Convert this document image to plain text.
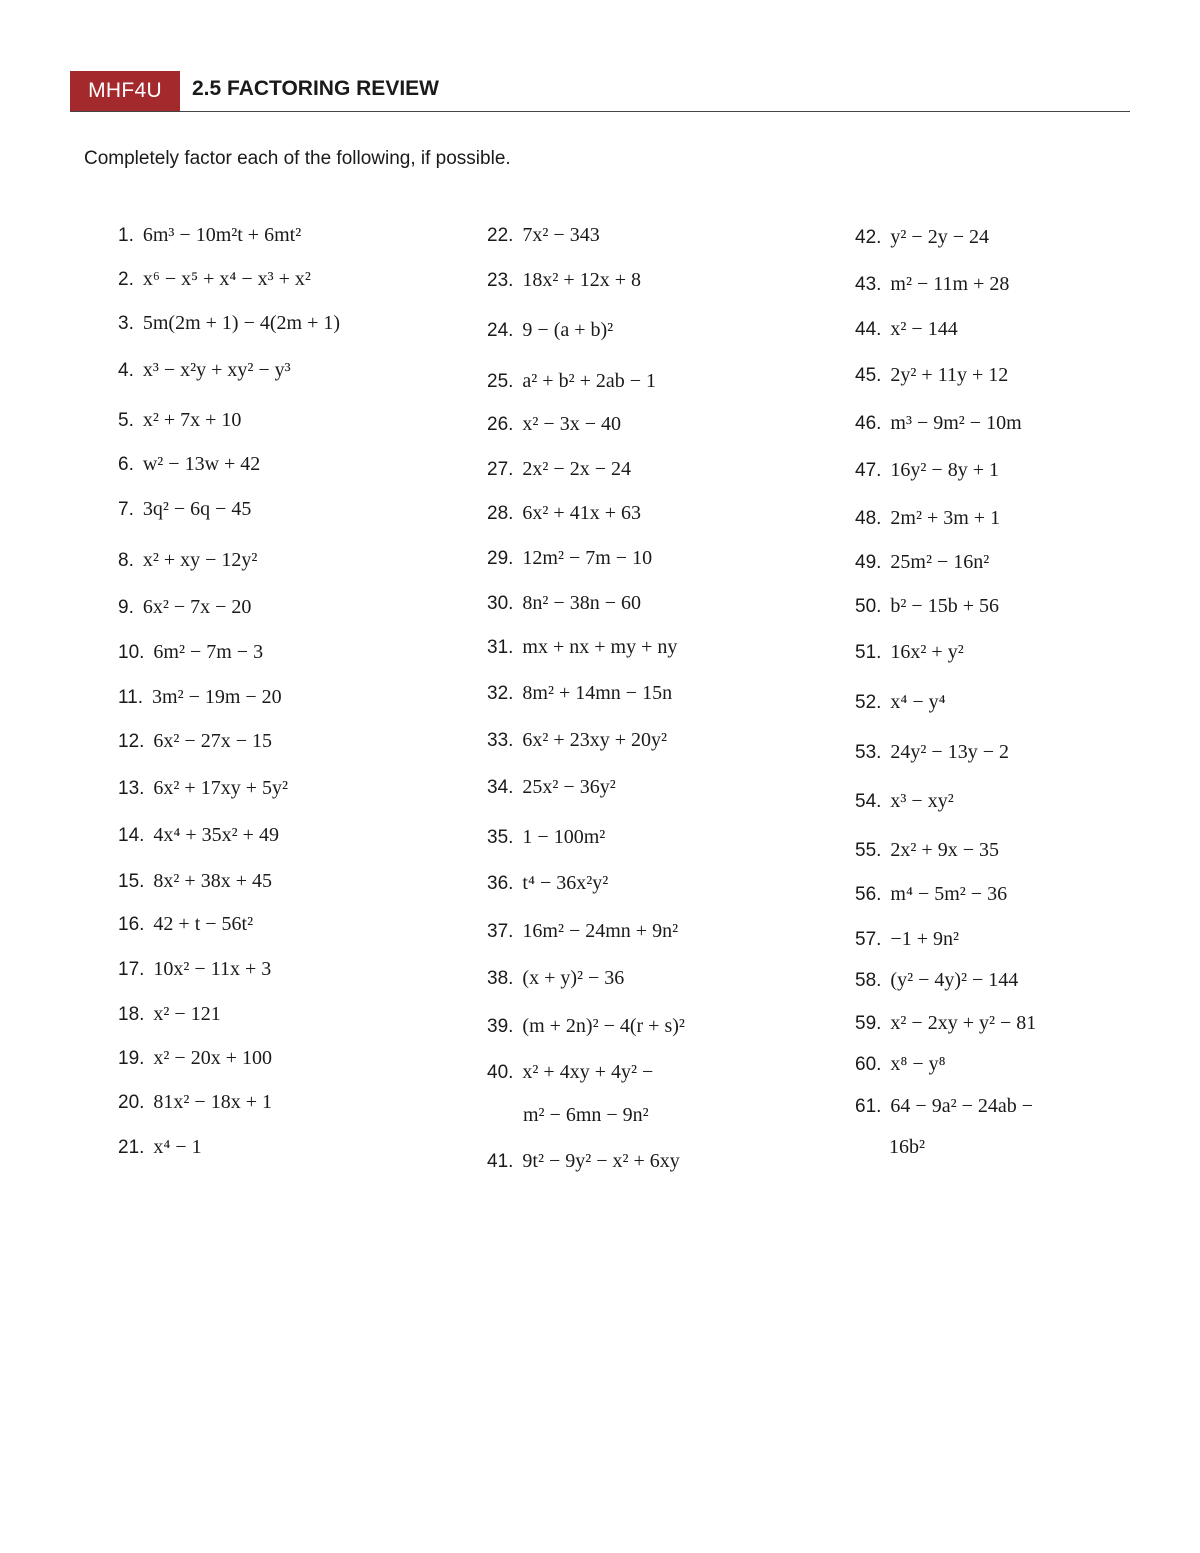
MHF4U	2.5 FACTORING REVIEW
Completely factor each of the following, if possible.
1. 6m³ − 10m²t + 6mt²
2. x⁶ − x⁵ + x⁴ − x³ + x²
3. 5m(2m + 1) − 4(2m + 1)
4. x³ − x²y + xy² − y³
5. x² + 7x + 10
6. w² − 13w + 42
7. 3q² − 6q − 45
8. x² + xy − 12y²
9. 6x² − 7x − 20
10. 6m² − 7m − 3
11. 3m² − 19m − 20
12. 6x² − 27x − 15
13. 6x² + 17xy + 5y²
14. 4x⁴ + 35x² + 49
15. 8x² + 38x + 45
16. 42 + t − 56t²
17. 10x² − 11x + 3
18. x² − 121
19. x² − 20x + 100
20. 81x² − 18x + 1
21. x⁴ − 1
22. 7x² − 343
23. 18x² + 12x + 8
24. 9 − (a + b)²
25. a² + b² + 2ab − 1
26. x² − 3x − 40
27. 2x² − 2x − 24
28. 6x² + 41x + 63
29. 12m² − 7m − 10
30. 8n² − 38n − 60
31. mx + nx + my + ny
32. 8m² + 14mn − 15n
33. 6x² + 23xy + 20y²
34. 25x² − 36y²
35. 1 − 100m²
36. t⁴ − 36x²y²
37. 16m² − 24mn + 9n²
38. (x + y)² − 36
39. (m + 2n)² − 4(r + s)²
40. x² + 4xy + 4y² −
m² − 6mn − 9n²
41. 9t² − 9y² − x² + 6xy
42. y² − 2y − 24
43. m² − 11m + 28
44. x² − 144
45. 2y² + 11y + 12
46. m³ − 9m² − 10m
47. 16y² − 8y + 1
48. 2m² + 3m + 1
49. 25m² − 16n²
50. b² − 15b + 56
51. 16x² + y²
52. x⁴ − y⁴
53. 24y² − 13y − 2
54. x³ − xy²
55. 2x² + 9x − 35
56. m⁴ − 5m² − 36
57. −1 + 9n²
58. (y² − 4y)² − 144
59. x² − 2xy + y² − 81
60. x⁸ − y⁸
61. 64 − 9a² − 24ab −
16b²
